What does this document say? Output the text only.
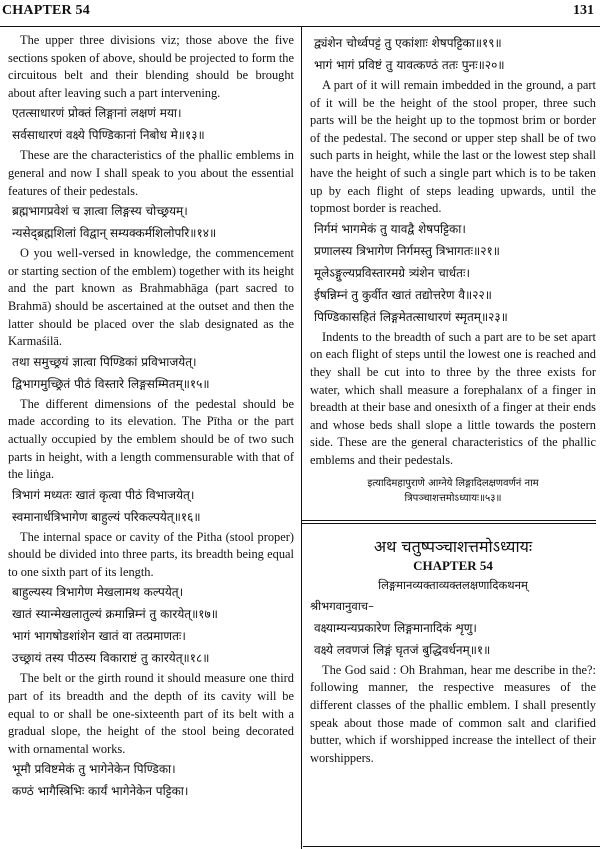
CHAPTER 54	131

The upper three divisions viz; those above the five sections spoken of above, should be projected to form the circuitous belt and their blending should be brought about after leaving such a part intervening.

एतत्साधारणं प्रोक्तं लिङ्गानां लक्षणं मया।
सर्वसाधारणं वक्ष्ये पिण्डिकानां निबोध मे॥१३॥

These are the characteristics of the phallic emblems in general and now I shall speak to you about the essential features of their pedestals.

ब्रह्मभागप्रवेशं च ज्ञात्वा लिङ्गस्य चोच्छ्रयम्।
न्यसेद्ब्रह्मशिलां विद्वान् सम्यक्कर्मशिलोपरि॥१४॥

O you well-versed in knowledge, the commencement or starting section of the emblem) together with its height and the part known as Brahmabhāga (part sacred to Brahmā) should be ascertained at the outset and then the latter should be placed over the slab designated as the Karmaśilā.

तथा समुच्छ्रयं ज्ञात्वा पिण्डिकां प्रविभाजयेत्।
द्विभागमुच्छ्रितं पीठं विस्तारे लिङ्गसम्मितम्॥१५॥

The different dimensions of the pedestal should be made according to its elevation. The Pītha or the part actually occupied by the emblem should be of two such parts in height, with a length commensurable with that of the liṅga.

त्रिभागं मध्यतः खातं कृत्वा पीठं विभाजयेत्।
स्वमानार्धत्रिभागेण बाहुल्यं परिकल्पयेत्॥१६॥

The internal space or cavity of the Pitha (stool proper) should be divided into three parts, its breadth being equal to one sixth part of its length.

बाहुल्यस्य त्रिभागेण मेखलामथ कल्पयेत्।
खातं स्यान्मेखलातुल्यं क्रमान्निम्नं तु कारयेत्॥१७॥
भागं भागषोडशांशेन खातं वा तत्प्रमाणतः।
उच्छ्रायं तस्य पीठस्य विकाराष्टं तु कारयेत्॥१८॥

The belt or the girth round it should measure one third part of its breadth and the depth of its cavity will be equal to or shall be one-sixteenth part of its belt with a gradual slope, the height of the stool being decorated with ornamental works.

भूमौ प्रविष्टमेकं तु भागेनेकेन पिण्डिका।
कण्ठं भागैस्त्रिभिः कार्यं भागेनेकेन पट्टिका।
द्व्यंशेन चोर्ध्वपट्टं तु एकांशाः शेषपट्टिका॥१९॥
भागं भागं प्रविष्टं तु यावत्कण्ठं ततः पुनः॥२०॥

A part of it will remain imbedded in the ground, a part of it will be the height of the stool proper, three such parts will be the height up to the topmost brim or border of the pedestal. The second or upper step shall be of two such parts in height, while the last or the lowest step shall have the height of such a single part which is to be taken up by each flight of steps leading upwards, until the topmost border is reached.

निर्गमं भागमेकं तु यावद्वै शेषपट्टिका।
प्रणालस्य त्रिभागेण निर्गमस्तु त्रिभागतः॥२१॥
मूलेऽङ्गुल्यप्रविस्तारमग्रे त्र्यंशेन चार्धतः।
ईषन्निम्नं तु कुर्वीत खातं तद्योत्तरेण वै॥२२॥
पिण्डिकासहितं लिङ्गमेतत्साधारणं स्मृतम्॥२३॥

Indents to the breadth of such a part are to be set apart on each flight of steps until the lowest one is reached and they shall be cut into to three by the three exists for water, which shall measure a forephalanx of a finger in breadth at their base and onesixth of a finger at their ends and whose beds shall slope a little towards the postern side. These are the general characteristics of the phallic emblems and their pedestals.

इत्यादिमहापुराणे आग्नेये लिङ्गादिलक्षणवर्णनं नाम
त्रिपञ्चाशत्तमोऽध्यायः॥५३॥
अथ चतुष्पञ्चाशत्तमोऽध्यायः
CHAPTER 54
लिङ्गमानव्यक्ताव्यक्तलक्षणादिकथनम्
श्रीभगवानुवाच–
वक्ष्याम्यन्यप्रकारेण लिङ्गमानादिकं शृणु।
वक्ष्ये लवणजं लिङ्गं घृतजं बुद्धिवर्धनम्॥१॥

The God said : Oh Brahman, hear me describe in the?: following manner, the respective measures of the different classes of the phallic emblem. I shall presently speak about those made of common salt and clarified butter, which if worshipped increase the intellect of their worshippers.
